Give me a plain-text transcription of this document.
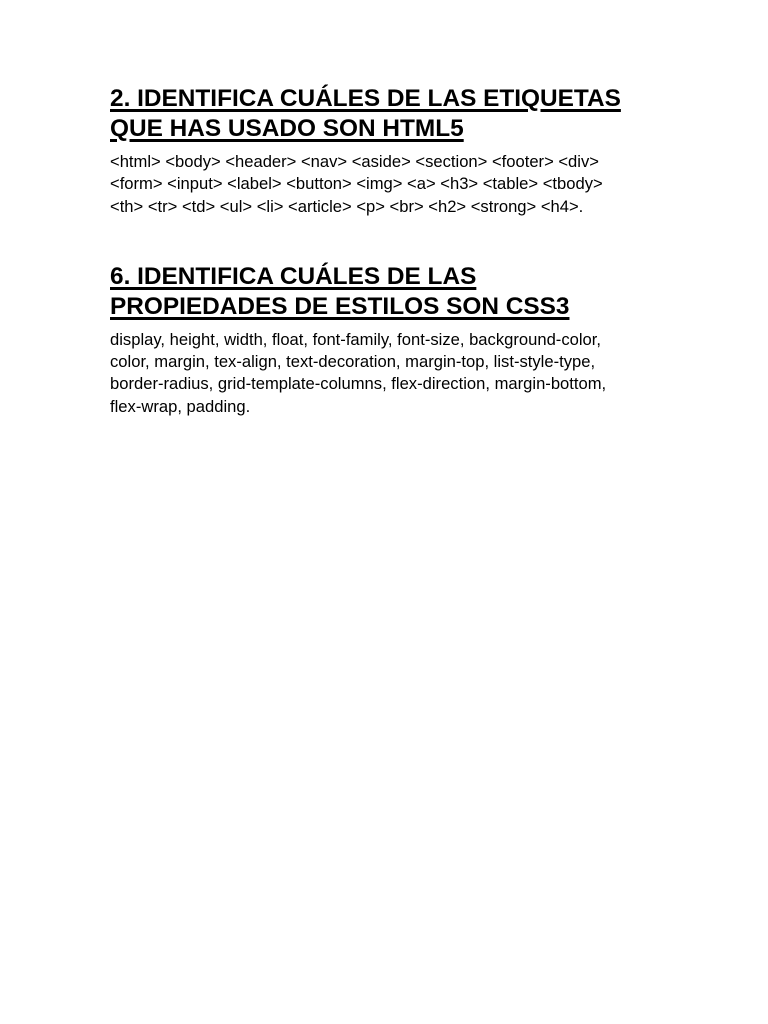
2. IDENTIFICA CUÁLES DE LAS ETIQUETAS
QUE HAS USADO SON HTML5

<html> <body> <header> <nav> <aside> <section> <footer> <div>
<form> <input> <label> <button> <img> <a> <h3> <table> <tbody>
<th> <tr> <td> <ul> <li> <article> <p> <br> <h2> <strong> <h4>.

6. IDENTIFICA CUÁLES DE LAS
PROPIEDADES DE ESTILOS SON CSS3

display, height, width, float, font-family, font-size, background-color,
color, margin, tex-align, text-decoration, margin-top, list-style-type,
border-radius, grid-template-columns, flex-direction, margin-bottom,
flex-wrap, padding.
